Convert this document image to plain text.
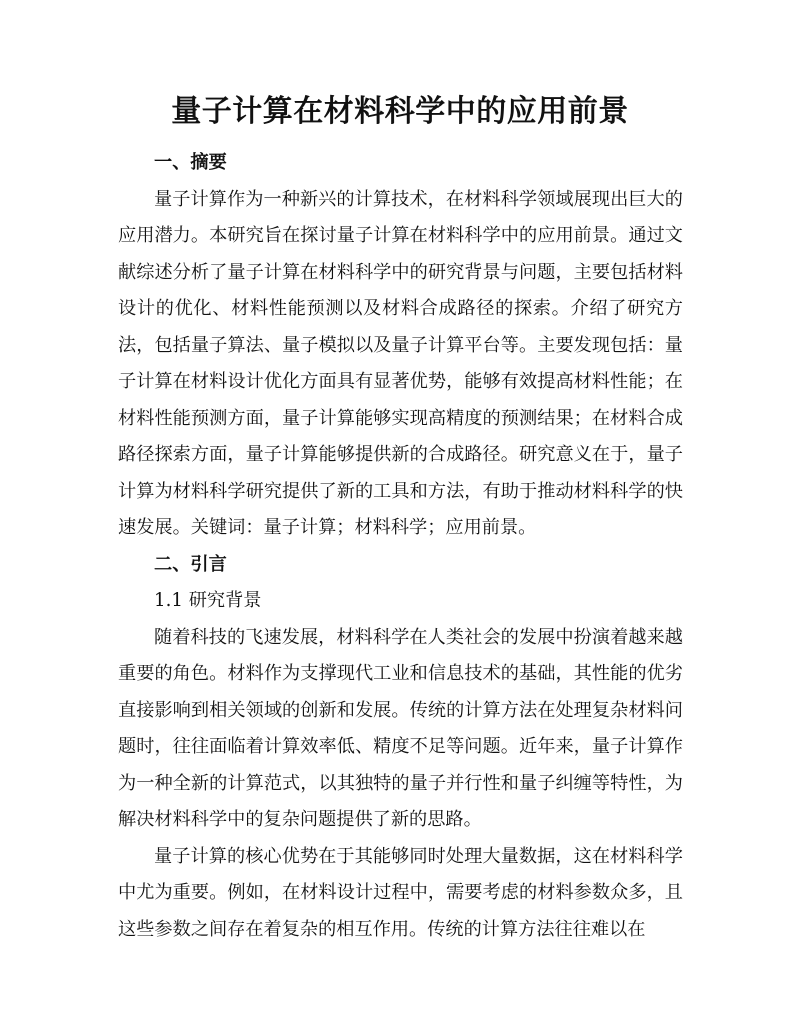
量子计算在材料科学中的应用前景

一、摘要

量子计算作为一种新兴的计算技术，在材料科学领域展现出巨大的应用潜力。本研究旨在探讨量子计算在材料科学中的应用前景。通过文献综述分析了量子计算在材料科学中的研究背景与问题，主要包括材料设计的优化、材料性能预测以及材料合成路径的探索。介绍了研究方法，包括量子算法、量子模拟以及量子计算平台等。主要发现包括：量子计算在材料设计优化方面具有显著优势，能够有效提高材料性能；在材料性能预测方面，量子计算能够实现高精度的预测结果；在材料合成路径探索方面，量子计算能够提供新的合成路径。研究意义在于，量子计算为材料科学研究提供了新的工具和方法，有助于推动材料科学的快速发展。关键词：量子计算；材料科学；应用前景。

二、引言

1.1 研究背景

随着科技的飞速发展，材料科学在人类社会的发展中扮演着越来越重要的角色。材料作为支撑现代工业和信息技术的基础，其性能的优劣直接影响到相关领域的创新和发展。传统的计算方法在处理复杂材料问题时，往往面临着计算效率低、精度不足等问题。近年来，量子计算作为一种全新的计算范式，以其独特的量子并行性和量子纠缠等特性，为解决材料科学中的复杂问题提供了新的思路。

量子计算的核心优势在于其能够同时处理大量数据，这在材料科学中尤为重要。例如，在材料设计过程中，需要考虑的材料参数众多，且这些参数之间存在着复杂的相互作用。传统的计算方法往往难以在
